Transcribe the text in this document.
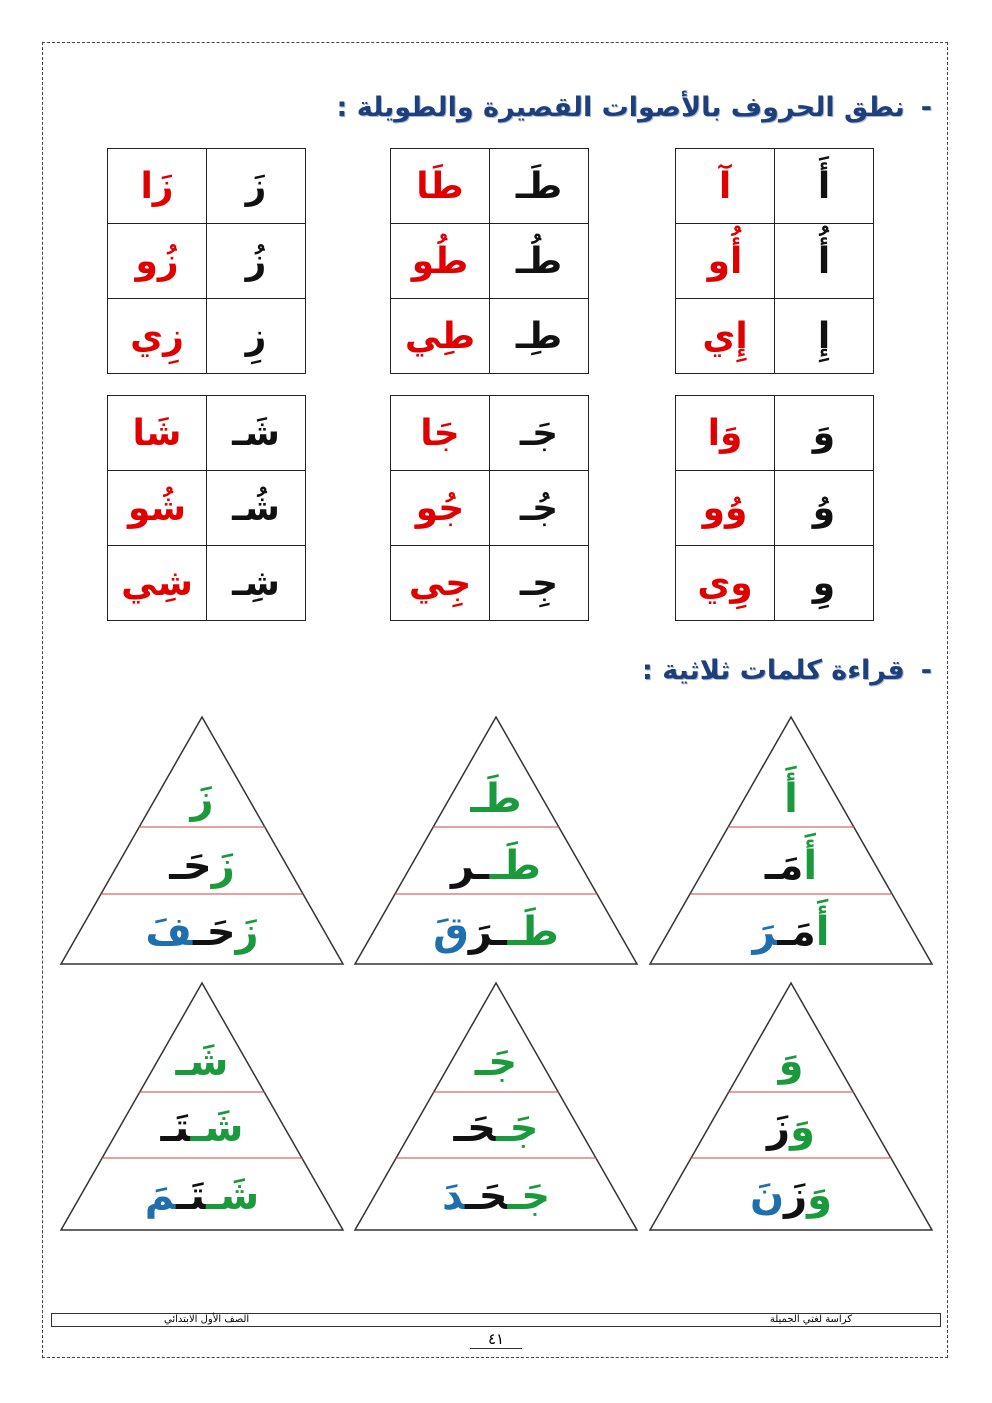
-نطق الحروف بالأصوات القصيرة والطويلة :
أَ	آ
أُ	أُو
إِ	إِي
طَـ	طَا
طُـ	طُو
طِـ	طِي
زَ	زَا
زُ	زُو
زِ	زِي
وَ	وَا
وُ	وُو
وِ	وِي
جَـ	جَا
جُـ	جُو
جِـ	جِي
شَـ	شَا
شُـ	شُو
شِـ	شِي
-قراءة كلمات ثلاثية :
أَ
أَمَـ
أَمَـرَ
طَـ
طَــر
طَــرَقَ
زَ
زَحَـ
زَحَـفَ
وَ
وَزَ
وَزَنَ
جَـ
جَـحَـ
جَـحَـدَ
شَـ
شَـتَـ
شَـتَـمَ
كراسة لغتي الجميلة
الصف الأول الابتدائي
٤١
